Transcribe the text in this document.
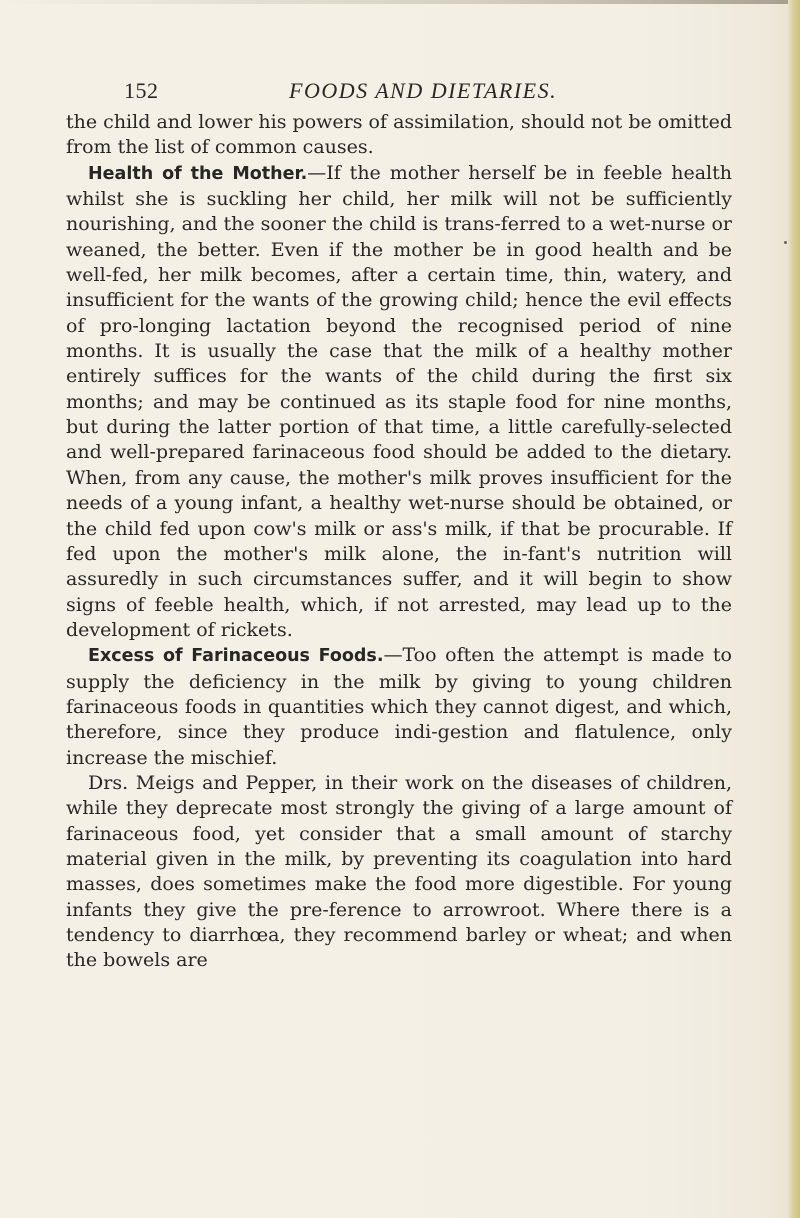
152	FOODS AND DIETARIES.

the child and lower his powers of assimilation, should not be omitted from the list of common causes.

Health of the Mother.—If the mother herself be in feeble health whilst she is suckling her child, her milk will not be sufficiently nourishing, and the sooner the child is trans-ferred to a wet-nurse or weaned, the better. Even if the mother be in good health and be well-fed, her milk becomes, after a certain time, thin, watery, and insufficient for the wants of the growing child; hence the evil effects of pro-longing lactation beyond the recognised period of nine months. It is usually the case that the milk of a healthy mother entirely suffices for the wants of the child during the first six months; and may be continued as its staple food for nine months, but during the latter portion of that time, a little carefully-selected and well-prepared farinaceous food should be added to the dietary. When, from any cause, the mother's milk proves insufficient for the needs of a young infant, a healthy wet-nurse should be obtained, or the child fed upon cow's milk or ass's milk, if that be procurable. If fed upon the mother's milk alone, the in-fant's nutrition will assuredly in such circumstances suffer, and it will begin to show signs of feeble health, which, if not arrested, may lead up to the development of rickets.

Excess of Farinaceous Foods.—Too often the attempt is made to supply the deficiency in the milk by giving to young children farinaceous foods in quantities which they cannot digest, and which, therefore, since they produce indi-gestion and flatulence, only increase the mischief.

Drs. Meigs and Pepper, in their work on the diseases of children, while they deprecate most strongly the giving of a large amount of farinaceous food, yet consider that a small amount of starchy material given in the milk, by preventing its coagulation into hard masses, does sometimes make the food more digestible. For young infants they give the pre-ference to arrowroot. Where there is a tendency to diarrhœa, they recommend barley or wheat; and when the bowels are
